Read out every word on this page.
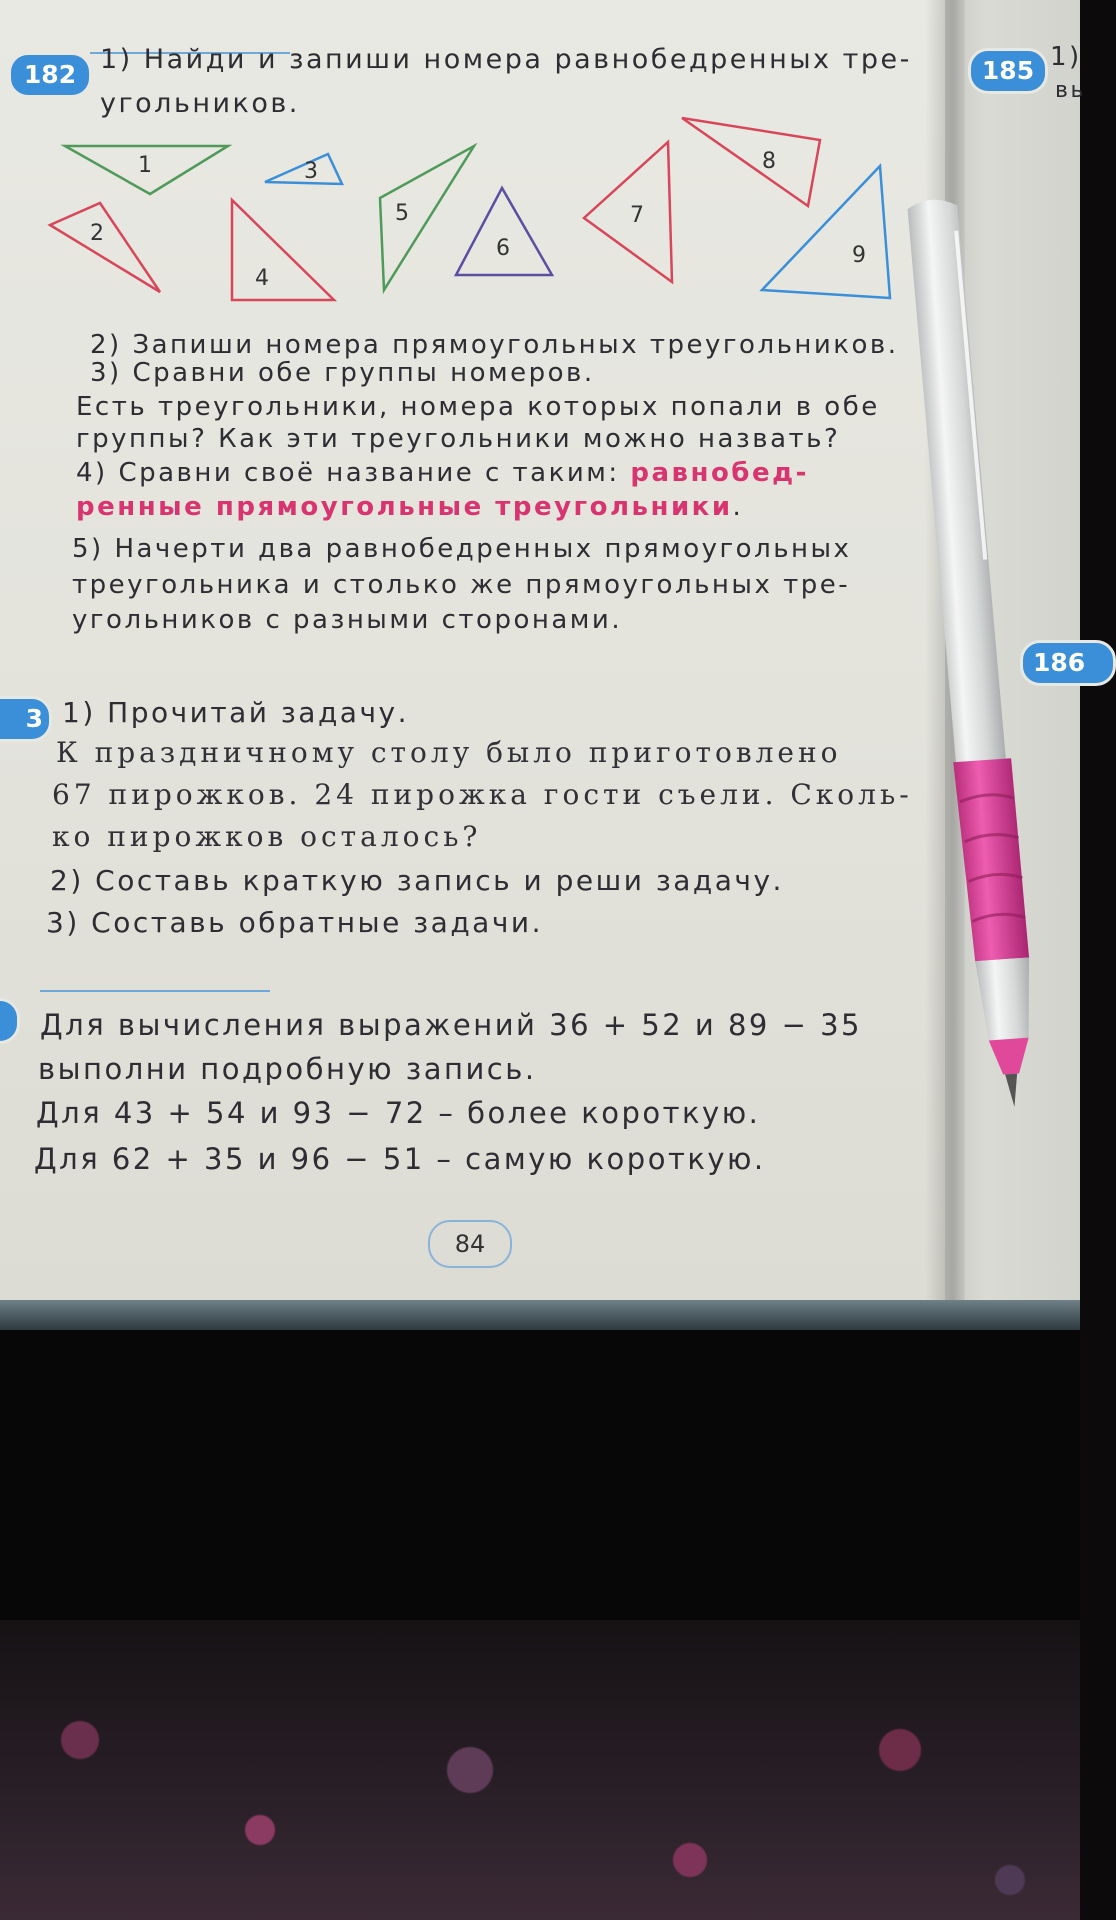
182 1) Найди и запиши номера равнобедренных тре-

угольников.

1
2
3
4
5
6
7
8
9

2) Запиши номера прямоугольных треугольников.

3) Сравни обе группы номеров.

Есть треугольники, номера которых попали в обе

группы? Как эти треугольники можно назвать?

4) Сравни своё название с таким: равнобед-

ренные прямоугольные треугольники.

5) Начерти два равнобедренных прямоугольных

треугольника и столько же прямоугольных тре-

угольников с разными сторонами.

3 1) Прочитай задачу.

К праздничному столу было приготовлено

67 пирожков. 24 пирожка гости съели. Сколь-

ко пирожков осталось?

2) Составь краткую запись и реши задачу.

3) Составь обратные задачи.

Для вычисления выражений 36 + 52 и 89 − 35

выполни подробную запись.

Для 43 + 54 и 93 − 72 – более короткую.

Для 62 + 35 и 96 − 51 – самую короткую.

84
185 1)

вь

186
